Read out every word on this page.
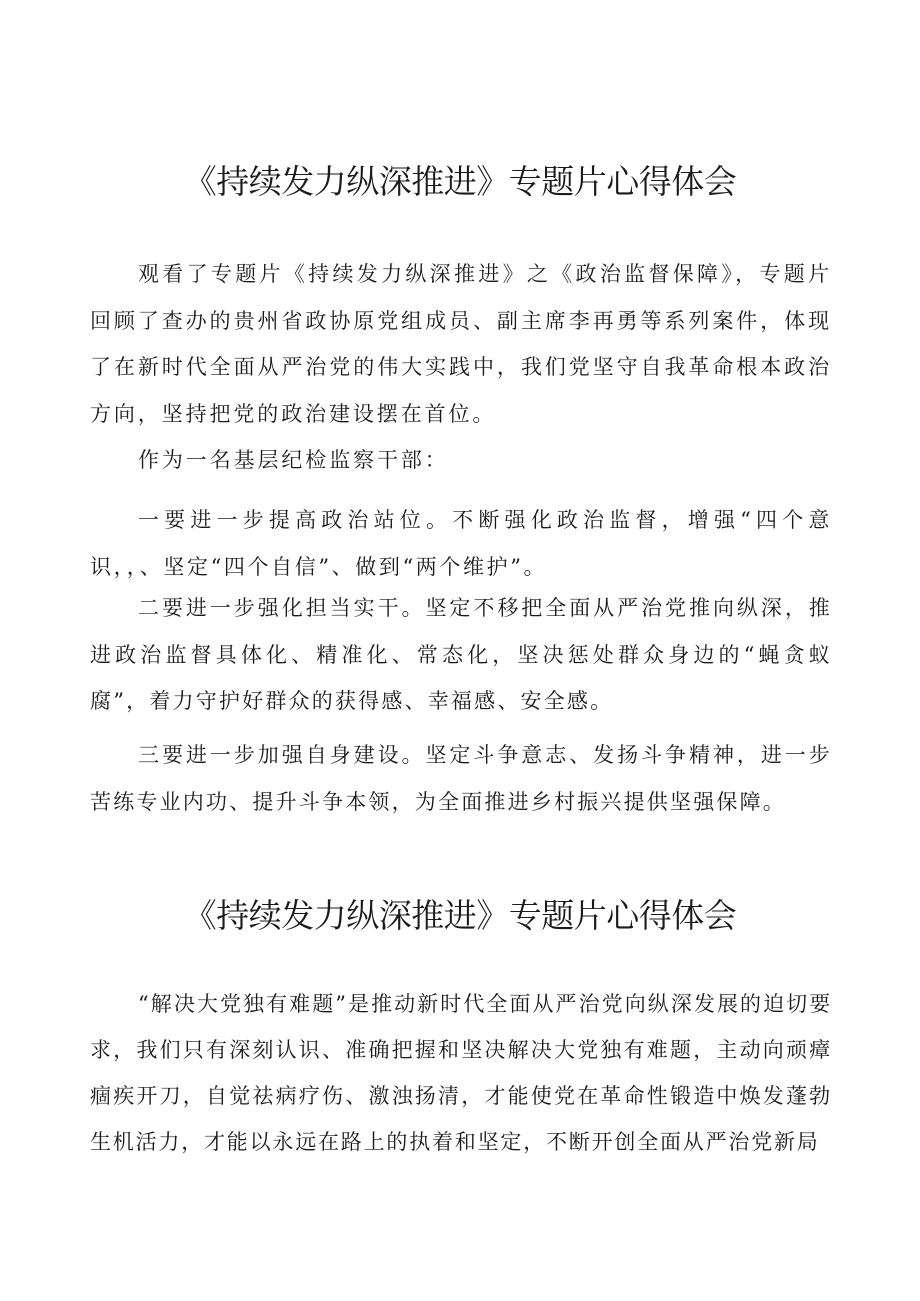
《持续发力纵深推进》专题片心得体会

观看了专题片《持续发力纵深推进》之《政治监督保障》，专题片回顾了查办的贵州省政协原党组成员、副主席李再勇等系列案件，体现了在新时代全面从严治党的伟大实践中，我们党坚守自我革命根本政治方向，坚持把党的政治建设摆在首位。

作为一名基层纪检监察干部：

一要进一步提高政治站位。不断强化政治监督，增强“四个意识，，、坚定“四个自信”、做到“两个维护”。

二要进一步强化担当实干。坚定不移把全面从严治党推向纵深，推进政治监督具体化、精准化、常态化，坚决惩处群众身边的“蝇贪蚁腐”，着力守护好群众的获得感、幸福感、安全感。

三要进一步加强自身建设。坚定斗争意志、发扬斗争精神，进一步苦练专业内功、提升斗争本领，为全面推进乡村振兴提供坚强保障。

《持续发力纵深推进》专题片心得体会

“解决大党独有难题”是推动新时代全面从严治党向纵深发展的迫切要求，我们只有深刻认识、准确把握和坚决解决大党独有难题，主动向顽瘴痼疾开刀，自觉祛病疗伤、激浊扬清，才能使党在革命性锻造中焕发蓬勃生机活力，才能以永远在路上的执着和坚定，不断开创全面从严治党新局
